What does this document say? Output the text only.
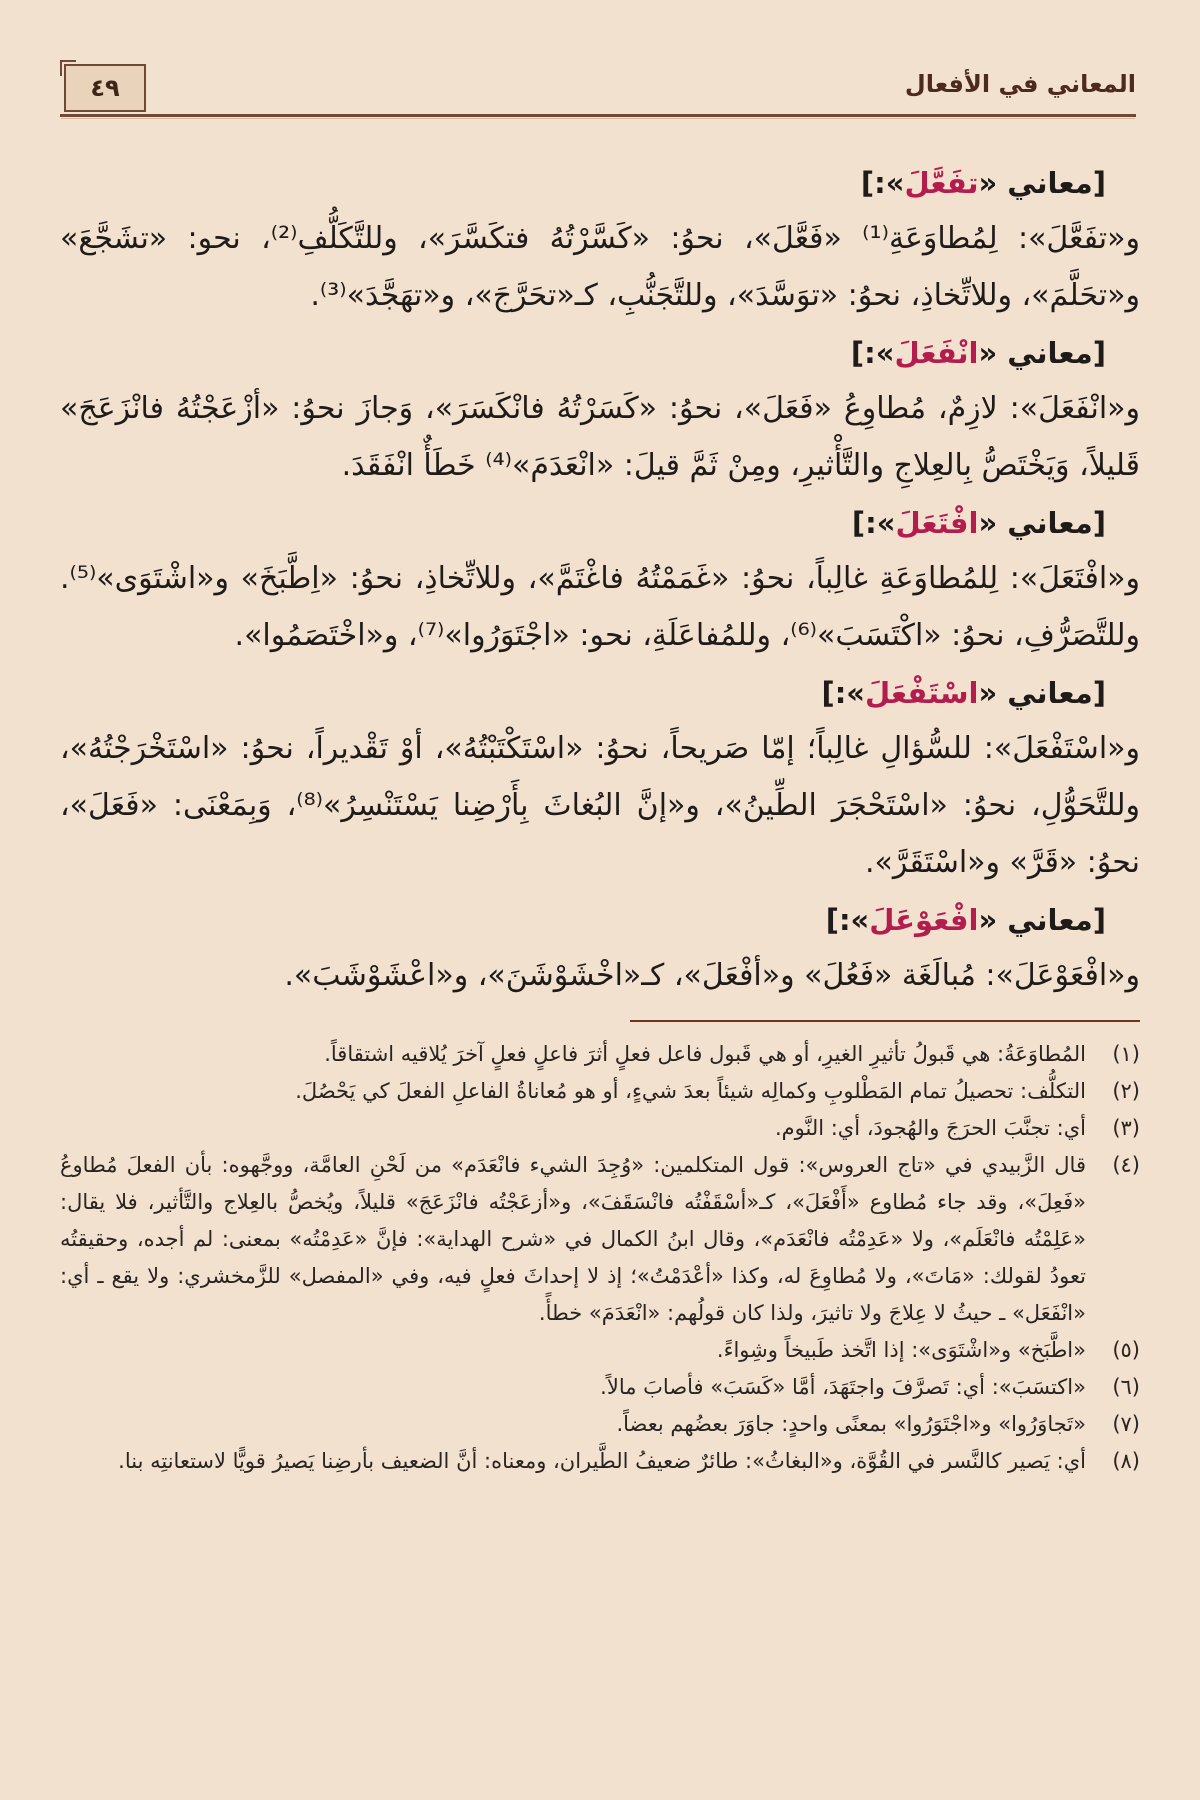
المعاني في الأفعال
٤٩
[معاني «تفَعَّلَ»:]

و«تفَعَّلَ»: لِمُطاوَعَةِ⁽¹⁾ «فَعَّلَ»، نحوُ: «كَسَّرْتُهُ فتكَسَّرَ»، وللتَّكَلُّفِ⁽²⁾، نحو: «تشَجَّعَ» و«تحَلَّمَ»، وللاتِّخاذِ، نحوُ: «توَسَّدَ»، وللتَّجَنُّبِ، كـ«تحَرَّجَ»، و«تهَجَّدَ»⁽³⁾.

[معاني «انْفَعَلَ»:]

و«انْفَعَلَ»: لازِمٌ، مُطاوِعُ «فَعَلَ»، نحوُ: «كَسَرْتُهُ فانْكَسَرَ»، وَجازَ نحوُ: «أزْعَجْتُهُ فانْزَعَجَ» قَليلاً، وَيَخْتَصُّ بِالعِلاجِ والتَّأْثيرِ، ومِنْ ثَمَّ قيلَ: «انْعَدَمَ»⁽⁴⁾ خَطَأٌ انْفَقَدَ.

[معاني «افْتَعَلَ»:]

و«افْتَعَلَ»: لِلمُطاوَعَةِ غالِباً، نحوُ: «غَمَمْتُهُ فاغْتَمَّ»، وللاتِّخاذِ، نحوُ: «اِطَّبَخَ» و«اشْتَوَى»⁽⁵⁾. وللتَّصَرُّفِ، نحوُ: «اكْتَسَبَ»⁽⁶⁾، وللمُفاعَلَةِ، نحو: «اجْتَوَرُوا»⁽⁷⁾، و«اخْتَصَمُوا».

[معاني «اسْتَفْعَلَ»:]

و«اسْتَفْعَلَ»: للسُّؤالِ غالِباً؛ إمّا صَريحاً، نحوُ: «اسْتَكْتَبْتُهُ»، أوْ تَقْديراً، نحوُ: «اسْتَخْرَجْتُهُ»، وللتَّحَوُّلِ، نحوُ: «اسْتَحْجَرَ الطِّينُ»، و«إنَّ البُغاثَ بِأَرْضِنا يَسْتَنْسِرُ»⁽⁸⁾، وَبِمَعْنَى: «فَعَلَ»، نحوُ: «قَرَّ» و«اسْتَقَرَّ».

[معاني «افْعَوْعَلَ»:]

و«افْعَوْعَلَ»: مُبالَغَة «فَعُلَ» و«أفْعَلَ»، كـ«اخْشَوْشَنَ»، و«اعْشَوْشَبَ».

(١)
المُطاوَعَةُ: هي قَبولُ تأثيرِ الغيرِ، أو هي قَبول فاعل فعلٍ أثرَ فاعلٍ فعلٍ آخرَ يُلاقيه اشتقاقاً.
(٢)
التكلُّف: تحصيلُ تمام المَطْلوبِ وكمالِه شيئاً بعدَ شيءٍ، أو هو مُعاناةُ الفاعلِ الفعلَ كي يَحْصُلَ.
(٣)
أي: تجنَّبَ الحرَجَ والهُجودَ، أي: النَّوم.
(٤)
قال الزَّبيدي في «تاج العروس»: قول المتكلمين: «وُجِدَ الشيء فانْعَدَم» من لَحْنِ العامَّة، ووجَّهوه: بأن الفعلَ مُطاوعُ «فَعِلَ»، وقد جاء مُطاوع «أَفْعَلَ»، كـ«أسْقَفْتُه فانْسَقَفَ»، و«أزعَجْتُه فانْزَعَجَ» قليلاً، ويُخصُّ بالعِلاج والتَّأثير، فلا يقال: «عَلِمْتُه فانْعَلَم»، ولا «عَدِمْتُه فانْعَدَم»، وقال ابنُ الكمال في «شرح الهداية»: فإنَّ «عَدِمْتُه» بمعنى: لم أجده، وحقيقتُه تعودُ لقولك: «مَاتَ»، ولا مُطاوِعَ له، وكذا «أعْدَمْتُ»؛ إذ لا إحداثَ فعلٍ فيه، وفي «المفصل» للزَّمخشري: ولا يقع ـ أي: «انْفَعَل» ـ حيثُ لا عِلاجَ ولا تاثيرَ، ولذا كان قولُهم: «انْعَدَمَ» خطأً.
(٥)
«اطَّبَخ» و«اشْتَوَى»: إذا اتَّخذ طَبيخاً وشِواءً.
(٦)
«اكتسَبَ»: أي: تَصرَّفَ واجتَهَدَ، أمَّا «كَسَبَ» فأصابَ مالاً.
(٧)
«تَجاوَرُوا» و«اجْتَوَرُوا» بمعنًى واحدٍ: جاوَرَ بعضُهم بعضاً.
(٨)
أي: يَصير كالنَّسر في القُوَّة، و«البغاثُ»: طائرٌ ضعيفُ الطَّيران، ومعناه: أنَّ الضعيف بأرضِنا يَصيرُ قويًّا لاستعانتِه بنا.
